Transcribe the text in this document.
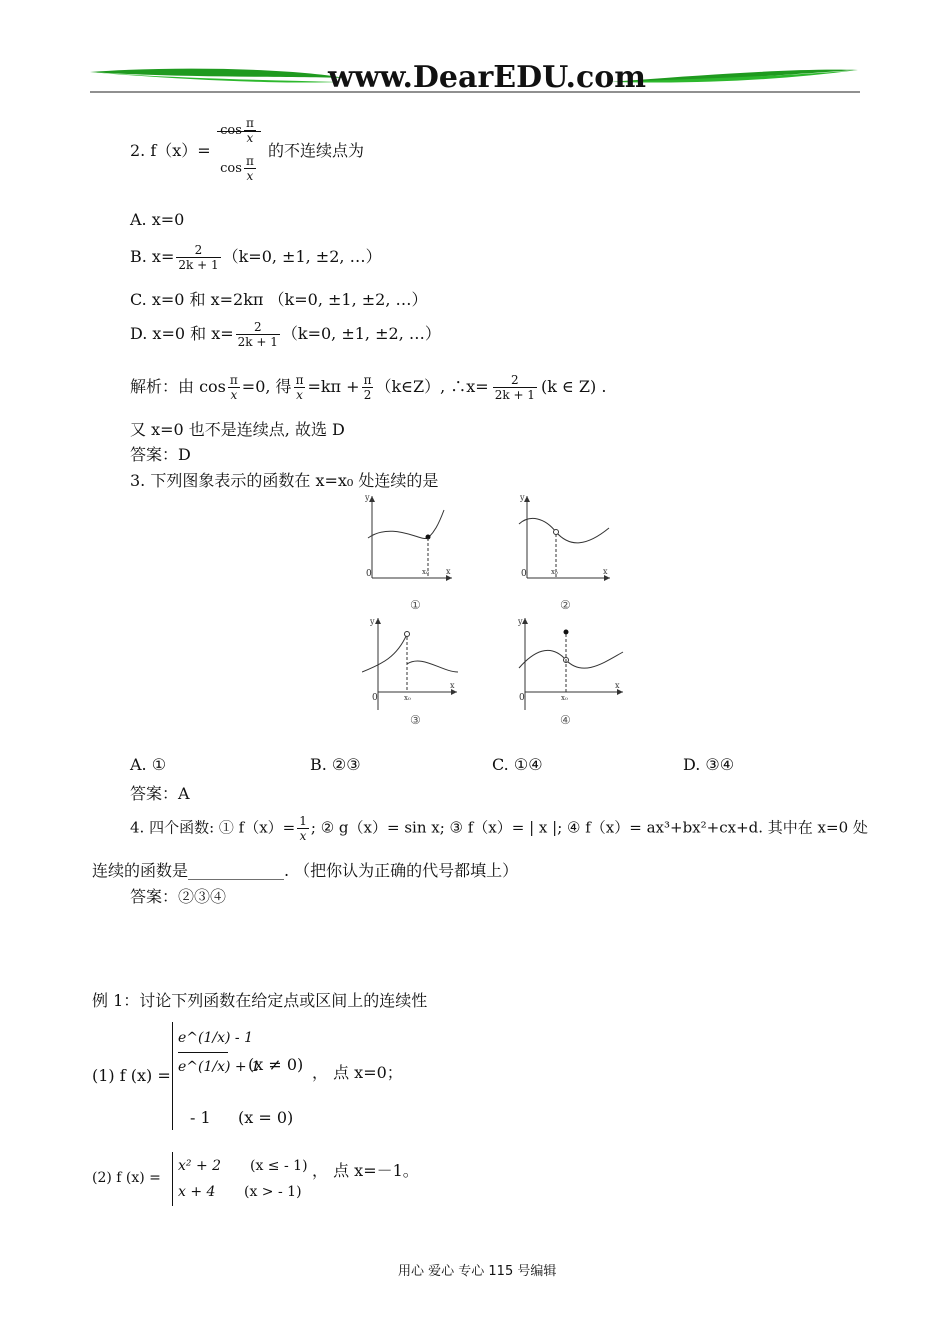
www.DearEDU.com
2. f（x）=
$\cos \frac{\pi}{x}$
$\cos \frac{\pi}{x}$
的不连续点为
A. x=0
B. $x= \frac{2}{2k + 1} (k=0$, ±1, ±2, …）
C. x=0 和 x=2kπ （k=0, ±1, ±2, …）
D. x=0 和 $x= \frac{2}{2k + 1} (k=0$, ±1, ±2, …）
解析：由 $\cos \frac{\pi}{x} =0$, 得 $\frac{\pi}{x} =k\pi + \frac{\pi}{2}$ （k∈Z）, ∴x= $\frac{2}{2k + 1} (k$ ∈ Z) .
又 x=0 也不是连续点, 故选 D
答案：D
3. 下列图象表示的函数在 x=x₀ 处连续的是
0	x
y
x₀
①
0	x
y
x₀
②
0
x
y
x₀
③
0
x
y
x₀
④
A. ①	B. ②③	C. ①④	D. ③④
答案：A
4. 四个函数: ① $f(x)= \frac{1}{x}$ ; ② g（x）= sin x; ③ f（x）= | x |; ④ f（x）= ax³+bx²+cx+d. 其中在 x=0 处
连续的函数是____________. （把你认为正确的代号都填上）
答案：②③④
例 1：讨论下列函数在给定点或区间上的连续性
(1) f (x) =
e^(1/x) - 1
e^(1/x) + 1
(x ≠ 0) ， 点 x=0；
- 1 (x = 0)
(2) f (x) =
x² + 2 (x ≤ - 1) ， 点 x=－1。
x + 4 (x > - 1)
用心 爱心 专心 115 号编辑
